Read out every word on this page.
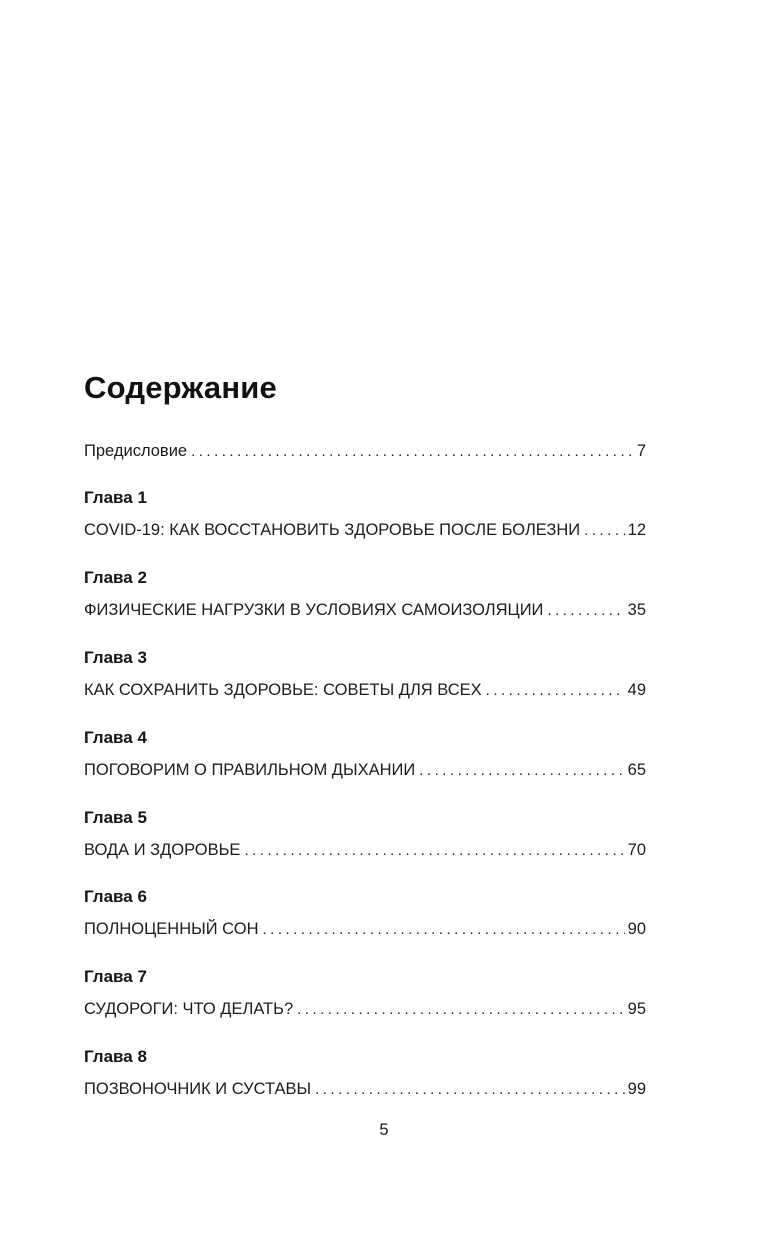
Содержание
Предисловие .....	7
Глава 1
COVID-19: КАК ВОССТАНОВИТЬ ЗДОРОВЬЕ ПОСЛЕ БОЛЕЗНИ .....	12
Глава 2
ФИЗИЧЕСКИЕ НАГРУЗКИ В УСЛОВИЯХ САМОИЗОЛЯЦИИ .....	35
Глава 3
КАК СОХРАНИТЬ ЗДОРОВЬЕ: СОВЕТЫ ДЛЯ ВСЕХ .....	49
Глава 4
ПОГОВОРИМ О ПРАВИЛЬНОМ ДЫХАНИИ .....	65
Глава 5
ВОДА И ЗДОРОВЬЕ .....	70
Глава 6
ПОЛНОЦЕННЫЙ СОН .....	90
Глава 7
СУДОРОГИ: ЧТО ДЕЛАТЬ? .....	95
Глава 8
ПОЗВОНОЧНИК И СУСТАВЫ .....	99
5
